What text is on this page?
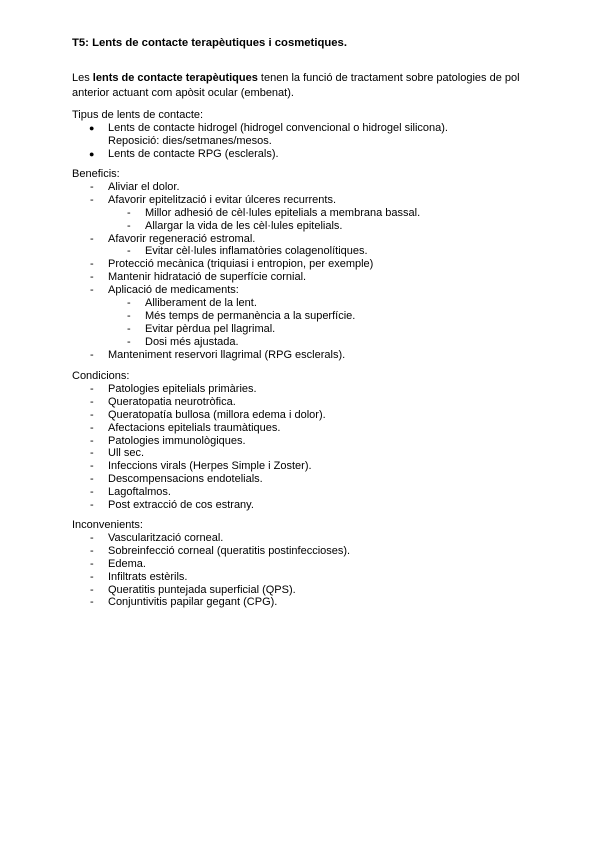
T5: Lents de contacte terapèutiques i cosmetiques.
Les lents de contacte terapèutiques tenen la funció de tractament sobre patologies de pol anterior actuant com apòsit ocular (embenat).
Tipus de lents de contacte:
● Lents de contacte hidrogel (hidrogel convencional o hidrogel silicona).
Reposició: dies/setmanes/mesos.
● Lents de contacte RPG (esclerals).
Beneficis:
- Aliviar el dolor.
- Afavorir epitelització i evitar úlceres recurrents.
- Millor adhesió de cèl·lules epitelials a membrana bassal.
- Allargar la vida de les cèl·lules epitelials.
- Afavorir regeneració estromal.
- Evitar cèl·lules inflamatòries colagenolítiques.
- Protecció mecànica (triquiasi i entropion, per exemple)
- Mantenir hidratació de superfície cornial.
- Aplicació de medicaments:
- Alliberament de la lent.
- Més temps de permanència a la superfície.
- Evitar pèrdua pel llagrimal.
- Dosi més ajustada.
- Manteniment reservori llagrimal (RPG esclerals).
Condicions:
- Patologies epitelials primàries.
- Queratopatia neurotròfica.
- Queratopatía bullosa (millora edema i dolor).
- Afectacions epitelials traumàtiques.
- Patologies immunològiques.
- Ull sec.
- Infeccions virals (Herpes Simple i Zoster).
- Descompensacions endotelials.
- Lagoftalmos.
- Post extracció de cos estrany.
Inconvenients:
- Vascularització corneal.
- Sobreinfecció corneal (queratitis postinfeccioses).
- Edema.
- Infiltrats estèrils.
- Queratitis puntejada superficial (QPS).
- Conjuntivitis papilar gegant (CPG).
